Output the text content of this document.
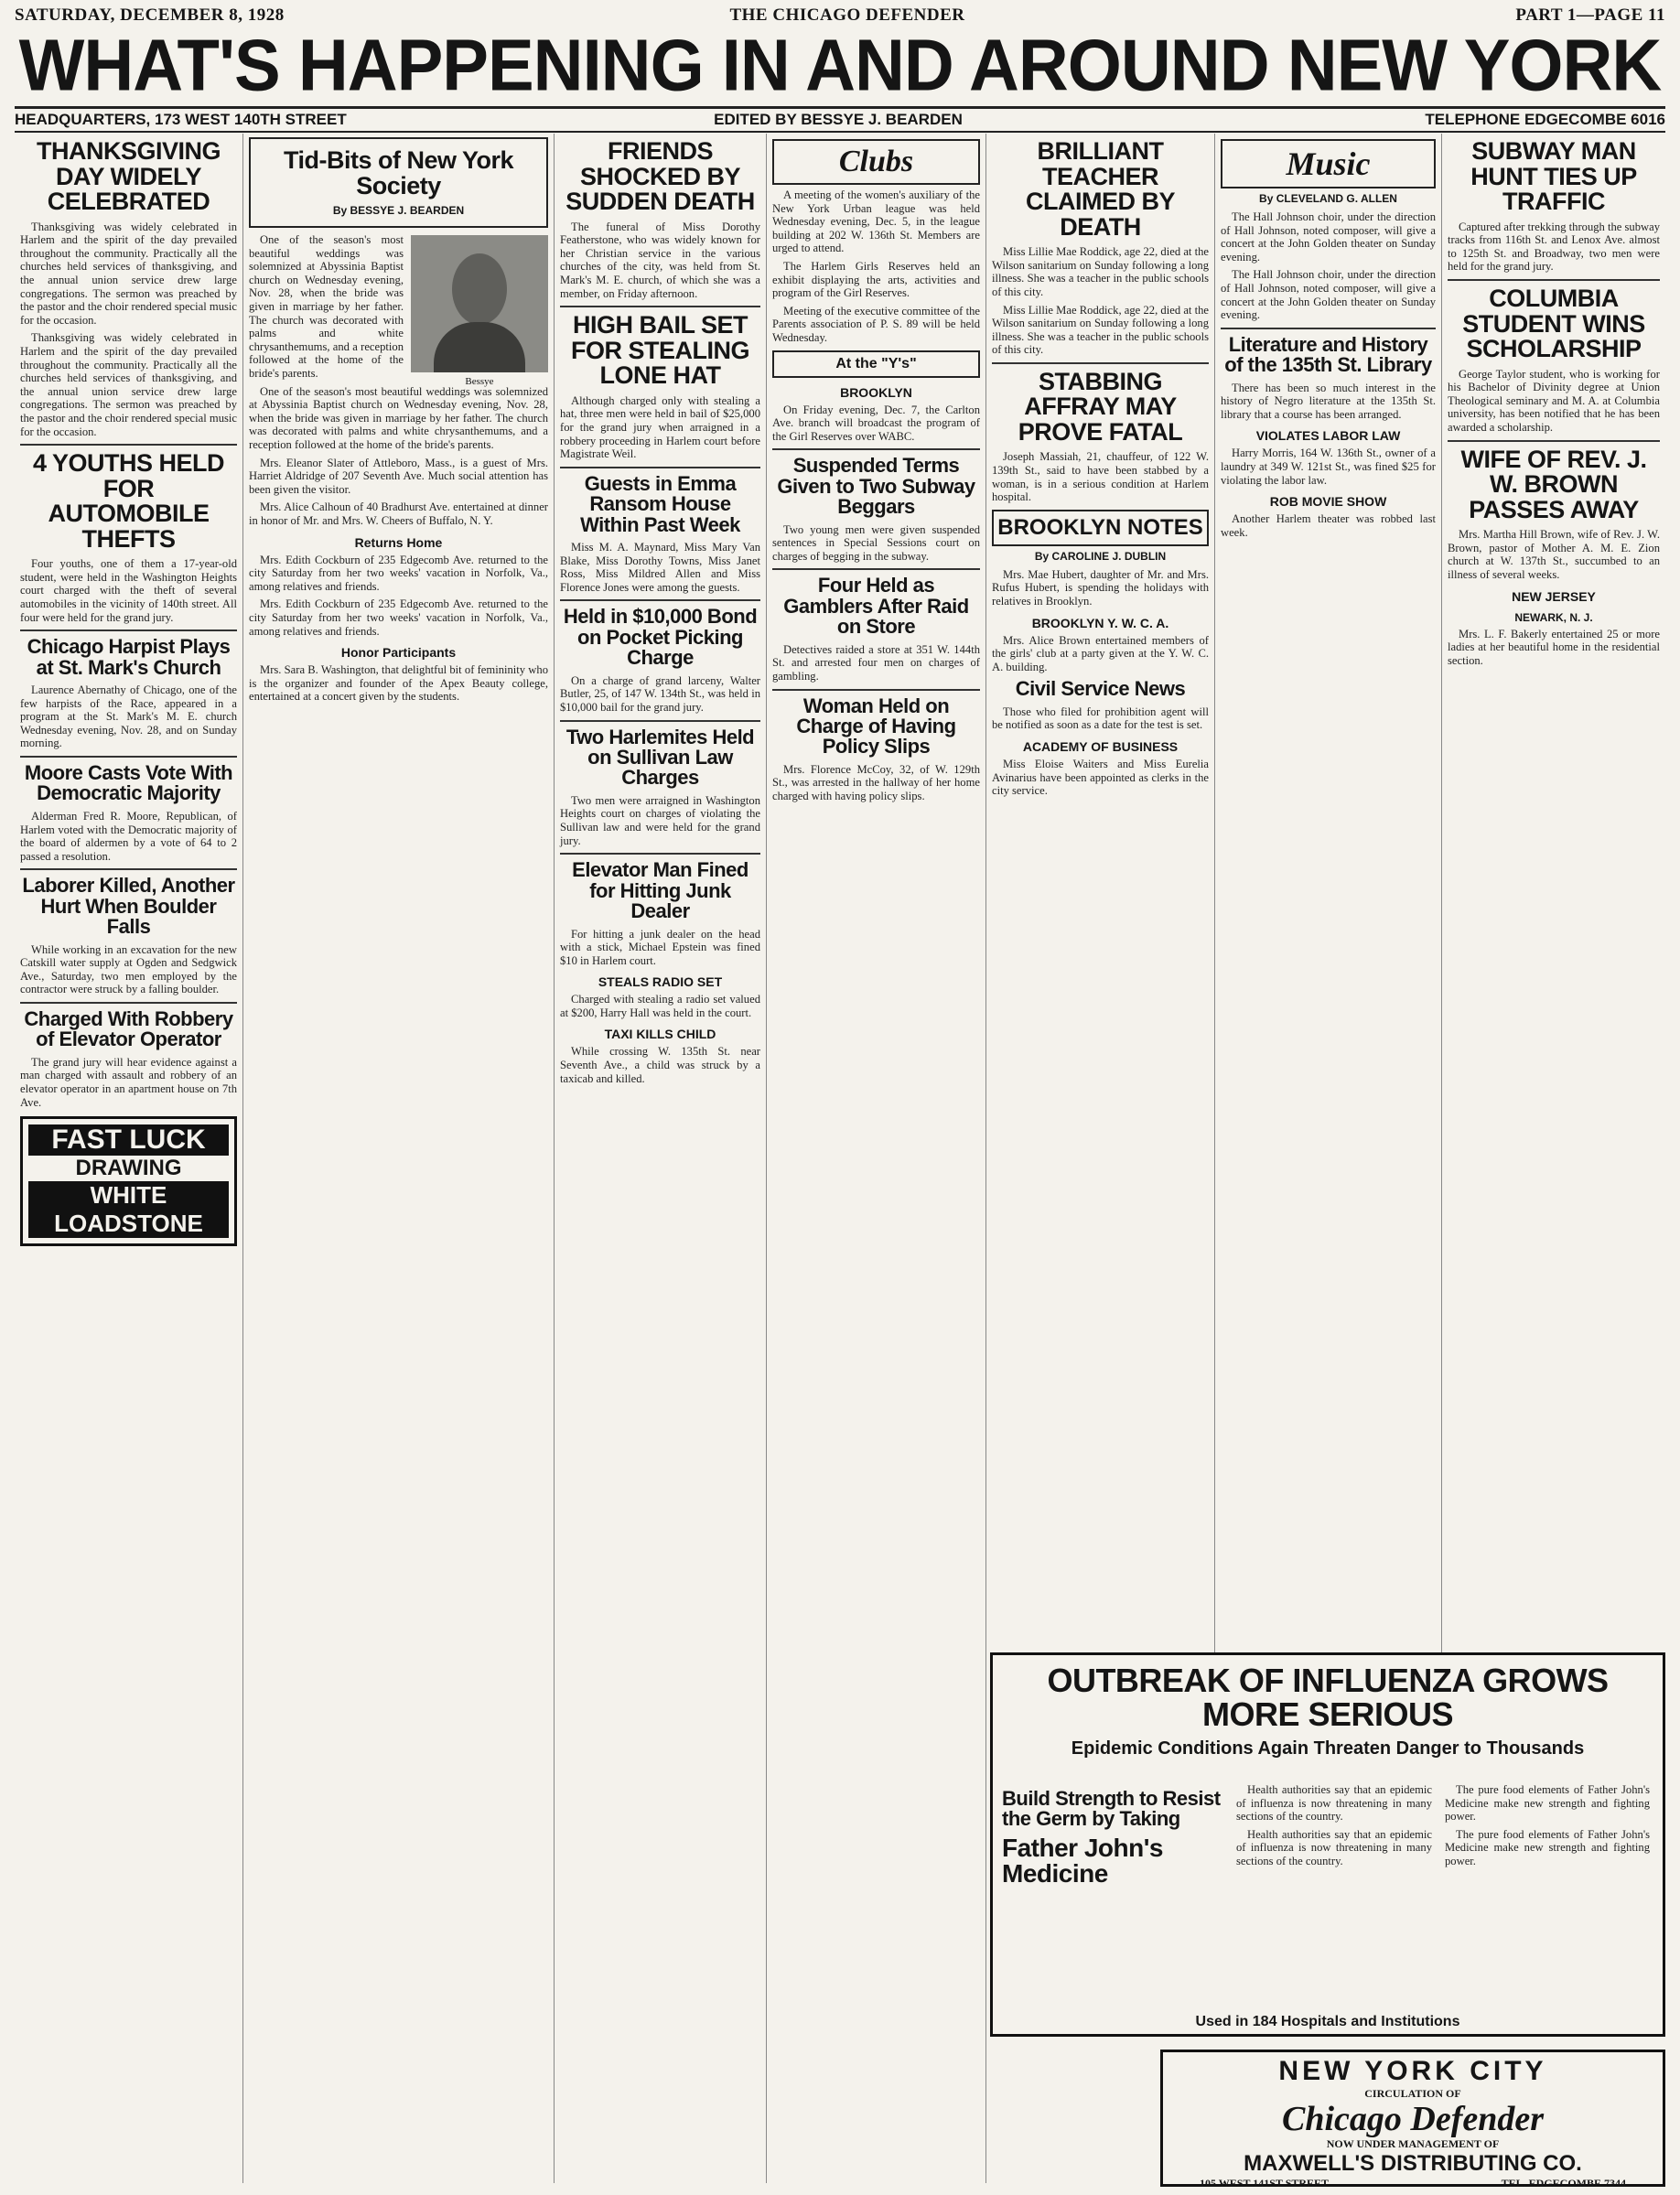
SATURDAY, DECEMBER 8, 1928	THE CHICAGO DEFENDER	PART 1—PAGE 11
WHAT'S HAPPENING IN AND AROUND NEW YORK
HEADQUARTERS, 173 WEST 140TH STREET	EDITED BY BESSYE J. BEARDEN	TELEPHONE EDGECOMBE 6016
THANKSGIVING DAY WIDELY CELEBRATED

Thanksgiving was widely celebrated in Harlem and the spirit of the day prevailed throughout the community. Practically all the churches held services of thanksgiving, and the annual union service drew large congregations. The sermon was preached by the pastor and the choir rendered special music for the occasion.

Thanksgiving was widely celebrated in Harlem and the spirit of the day prevailed throughout the community. Practically all the churches held services of thanksgiving, and the annual union service drew large congregations. The sermon was preached by the pastor and the choir rendered special music for the occasion.

4 YOUTHS HELD FOR AUTOMOBILE THEFTS

Four youths, one of them a 17-year-old student, were held in the Washington Heights court charged with the theft of several automobiles in the vicinity of 140th street. All four were held for the grand jury.

Chicago Harpist Plays at St. Mark's Church

Laurence Abernathy of Chicago, one of the few harpists of the Race, appeared in a program at the St. Mark's M. E. church Wednesday evening, Nov. 28, and on Sunday morning.

Moore Casts Vote With Democratic Majority

Alderman Fred R. Moore, Republican, of Harlem voted with the Democratic majority of the board of aldermen by a vote of 64 to 2 passed a resolution.

Laborer Killed, Another Hurt When Boulder Falls

While working in an excavation for the new Catskill water supply at Ogden and Sedgwick Ave., Saturday, two men employed by the contractor were struck by a falling boulder.

Charged With Robbery of Elevator Operator

The grand jury will hear evidence against a man charged with assault and robbery of an elevator operator in an apartment house on 7th Ave.

FAST LUCK
DRAWING
WHITE LOADSTONE
Tid-Bits of New York Society
By BESSYE J. BEARDEN
Bessye

One of the season's most beautiful weddings was solemnized at Abyssinia Baptist church on Wednesday evening, Nov. 28, when the bride was given in marriage by her father. The church was decorated with palms and white chrysanthemums, and a reception followed at the home of the bride's parents.

One of the season's most beautiful weddings was solemnized at Abyssinia Baptist church on Wednesday evening, Nov. 28, when the bride was given in marriage by her father. The church was decorated with palms and white chrysanthemums, and a reception followed at the home of the bride's parents.

Mrs. Eleanor Slater of Attleboro, Mass., is a guest of Mrs. Harriet Aldridge of 207 Seventh Ave. Much social attention has been given the visitor.

Mrs. Alice Calhoun of 40 Bradhurst Ave. entertained at dinner in honor of Mr. and Mrs. W. Cheers of Buffalo, N. Y.

Returns Home

Mrs. Edith Cockburn of 235 Edgecomb Ave. returned to the city Saturday from her two weeks' vacation in Norfolk, Va., among relatives and friends.

Mrs. Edith Cockburn of 235 Edgecomb Ave. returned to the city Saturday from her two weeks' vacation in Norfolk, Va., among relatives and friends.

Honor Participants

Mrs. Sara B. Washington, that delightful bit of femininity who is the organizer and founder of the Apex Beauty college, entertained at a concert given by the students.

FRIENDS SHOCKED BY SUDDEN DEATH

The funeral of Miss Dorothy Featherstone, who was widely known for her Christian service in the various churches of the city, was held from St. Mark's M. E. church, of which she was a member, on Friday afternoon.

HIGH BAIL SET FOR STEALING LONE HAT

Although charged only with stealing a hat, three men were held in bail of $25,000 for the grand jury when arraigned in a robbery proceeding in Harlem court before Magistrate Weil.

Guests in Emma Ransom House Within Past Week

Miss M. A. Maynard, Miss Mary Van Blake, Miss Dorothy Towns, Miss Janet Ross, Miss Mildred Allen and Miss Florence Jones were among the guests.

Held in $10,000 Bond on Pocket Picking Charge

On a charge of grand larceny, Walter Butler, 25, of 147 W. 134th St., was held in $10,000 bail for the grand jury.

Two Harlemites Held on Sullivan Law Charges

Two men were arraigned in Washington Heights court on charges of violating the Sullivan law and were held for the grand jury.

Elevator Man Fined for Hitting Junk Dealer

For hitting a junk dealer on the head with a stick, Michael Epstein was fined $10 in Harlem court.

STEALS RADIO SET

Charged with stealing a radio set valued at $200, Harry Hall was held in the court.

TAXI KILLS CHILD

While crossing W. 135th St. near Seventh Ave., a child was struck by a taxicab and killed.

Clubs

A meeting of the women's auxiliary of the New York Urban league was held Wednesday evening, Dec. 5, in the league building at 202 W. 136th St. Members are urged to attend.

The Harlem Girls Reserves held an exhibit displaying the arts, activities and program of the Girl Reserves.

Meeting of the executive committee of the Parents association of P. S. 89 will be held Wednesday.

At the "Y's"
BROOKLYN

On Friday evening, Dec. 7, the Carlton Ave. branch will broadcast the program of the Girl Reserves over WABC.

Suspended Terms Given to Two Subway Beggars

Two young men were given suspended sentences in Special Sessions court on charges of begging in the subway.

Four Held as Gamblers After Raid on Store

Detectives raided a store at 351 W. 144th St. and arrested four men on charges of gambling.

Woman Held on Charge of Having Policy Slips

Mrs. Florence McCoy, 32, of W. 129th St., was arrested in the hallway of her home charged with having policy slips.

BRILLIANT TEACHER CLAIMED BY DEATH

Miss Lillie Mae Roddick, age 22, died at the Wilson sanitarium on Sunday following a long illness. She was a teacher in the public schools of this city.

Miss Lillie Mae Roddick, age 22, died at the Wilson sanitarium on Sunday following a long illness. She was a teacher in the public schools of this city.

STABBING AFFRAY MAY PROVE FATAL

Joseph Massiah, 21, chauffeur, of 122 W. 139th St., said to have been stabbed by a woman, is in a serious condition at Harlem hospital.

BROOKLYN NOTES
By CAROLINE J. DUBLIN

Mrs. Mae Hubert, daughter of Mr. and Mrs. Rufus Hubert, is spending the holidays with relatives in Brooklyn.

BROOKLYN Y. W. C. A.

Mrs. Alice Brown entertained members of the girls' club at a party given at the Y. W. C. A. building.

Civil Service News

Those who filed for prohibition agent will be notified as soon as a date for the test is set.

ACADEMY OF BUSINESS

Miss Eloise Waiters and Miss Eurelia Avinarius have been appointed as clerks in the city service.

Music
By CLEVELAND G. ALLEN

The Hall Johnson choir, under the direction of Hall Johnson, noted composer, will give a concert at the John Golden theater on Sunday evening.

The Hall Johnson choir, under the direction of Hall Johnson, noted composer, will give a concert at the John Golden theater on Sunday evening.

Literature and History of the 135th St. Library

There has been so much interest in the history of Negro literature at the 135th St. library that a course has been arranged.

VIOLATES LABOR LAW

Harry Morris, 164 W. 136th St., owner of a laundry at 349 W. 121st St., was fined $25 for violating the labor law.

ROB MOVIE SHOW

Another Harlem theater was robbed last week.

SUBWAY MAN HUNT TIES UP TRAFFIC

Captured after trekking through the subway tracks from 116th St. and Lenox Ave. almost to 125th St. and Broadway, two men were held for the grand jury.

COLUMBIA STUDENT WINS SCHOLARSHIP

George Taylor student, who is working for his Bachelor of Divinity degree at Union Theological seminary and M. A. at Columbia university, has been notified that he has been awarded a scholarship.

WIFE OF REV. J. W. BROWN PASSES AWAY

Mrs. Martha Hill Brown, wife of Rev. J. W. Brown, pastor of Mother A. M. E. Zion church at W. 137th St., succumbed to an illness of several weeks.

NEW JERSEY
NEWARK, N. J.

Mrs. L. F. Bakerly entertained 25 or more ladies at her beautiful home in the residential section.

OUTBREAK OF INFLUENZA GROWS MORE SERIOUS
Epidemic Conditions Again Threaten Danger to Thousands
Build Strength to Resist the Germ by Taking
Father John's Medicine

Health authorities say that an epidemic of influenza is now threatening in many sections of the country.

Health authorities say that an epidemic of influenza is now threatening in many sections of the country.

The pure food elements of Father John's Medicine make new strength and fighting power.

The pure food elements of Father John's Medicine make new strength and fighting power.

Used in 184 Hospitals and Institutions
NEW YORK CITY
CIRCULATION OF
Chicago Defender
NOW UNDER MANAGEMENT OF
MAXWELL'S DISTRIBUTING CO.
105 WEST 141ST STREET	TEL. EDGECOMBE 7344
